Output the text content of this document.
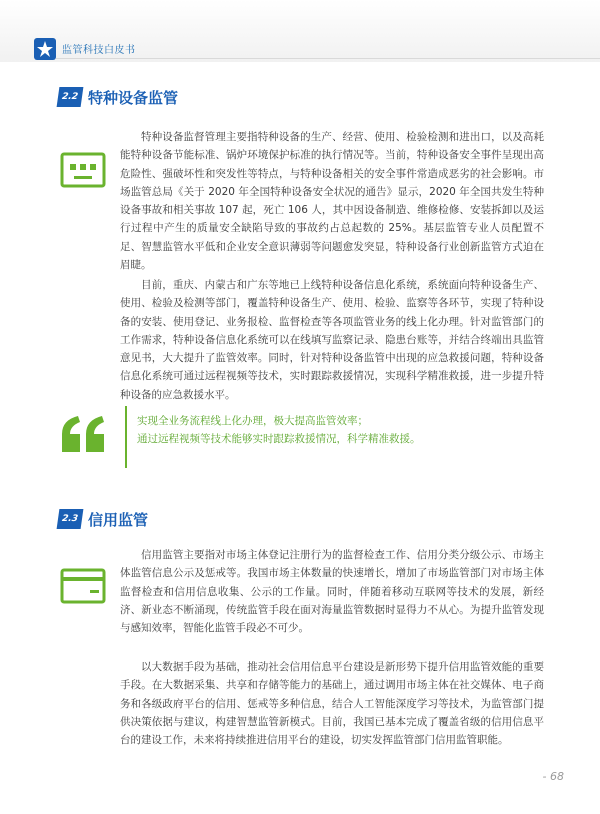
监管科技白皮书
2.2 特种设备监管

特种设备监督管理主要指特种设备的生产、经营、使用、检验检测和进出口，以及高耗能特种设备节能标准、锅炉环境保护标准的执行情况等。当前，特种设备安全事件呈现出高危险性、强破坏性和突发性等特点，与特种设备相关的安全事件常造成恶劣的社会影响。市场监管总局《关于 2020 年全国特种设备安全状况的通告》显示，2020 年全国共发生特种设备事故和相关事故 107 起，死亡 106 人，其中因设备制造、维修检修、安装拆卸以及运行过程中产生的质量安全缺陷导致的事故约占总起数的 25%。基层监管专业人员配置不足、智慧监管水平低和企业安全意识薄弱等问题愈发突显，特种设备行业创新监管方式迫在眉睫。

目前，重庆、内蒙古和广东等地已上线特种设备信息化系统，系统面向特种设备生产、使用、检验及检测等部门，覆盖特种设备生产、使用、检验、监察等各环节，实现了特种设备的安装、使用登记、业务报检、监督检查等各项监管业务的线上化办理。针对监管部门的工作需求，特种设备信息化系统可以在线填写监察记录、隐患台账等，并结合终端出具监管意见书，大大提升了监管效率。同时，针对特种设备监管中出现的应急救援问题，特种设备信息化系统可通过远程视频等技术，实时跟踪救援情况，实现科学精准救援，进一步提升特种设备的应急救援水平。

实现全业务流程线上化办理，极大提高监管效率；
通过远程视频等技术能够实时跟踪救援情况，科学精准救援。
2.3 信用监管

信用监管主要指对市场主体登记注册行为的监督检查工作、信用分类分级公示、市场主体监管信息公示及惩戒等。我国市场主体数量的快速增长，增加了市场监管部门对市场主体监督检查和信用信息收集、公示的工作量。同时，伴随着移动互联网等技术的发展，新经济、新业态不断涌现，传统监管手段在面对海量监管数据时显得力不从心。为提升监管发现与感知效率，智能化监管手段必不可少。

以大数据手段为基础，推动社会信用信息平台建设是新形势下提升信用监管效能的重要手段。在大数据采集、共享和存储等能力的基础上，通过调用市场主体在社交媒体、电子商务和各级政府平台的信用、惩戒等多种信息，结合人工智能深度学习等技术，为监管部门提供决策依据与建议，构建智慧监管新模式。目前，我国已基本完成了覆盖省级的信用信息平台的建设工作，未来将持续推进信用平台的建设，切实发挥监管部门信用监管职能。

- 68
